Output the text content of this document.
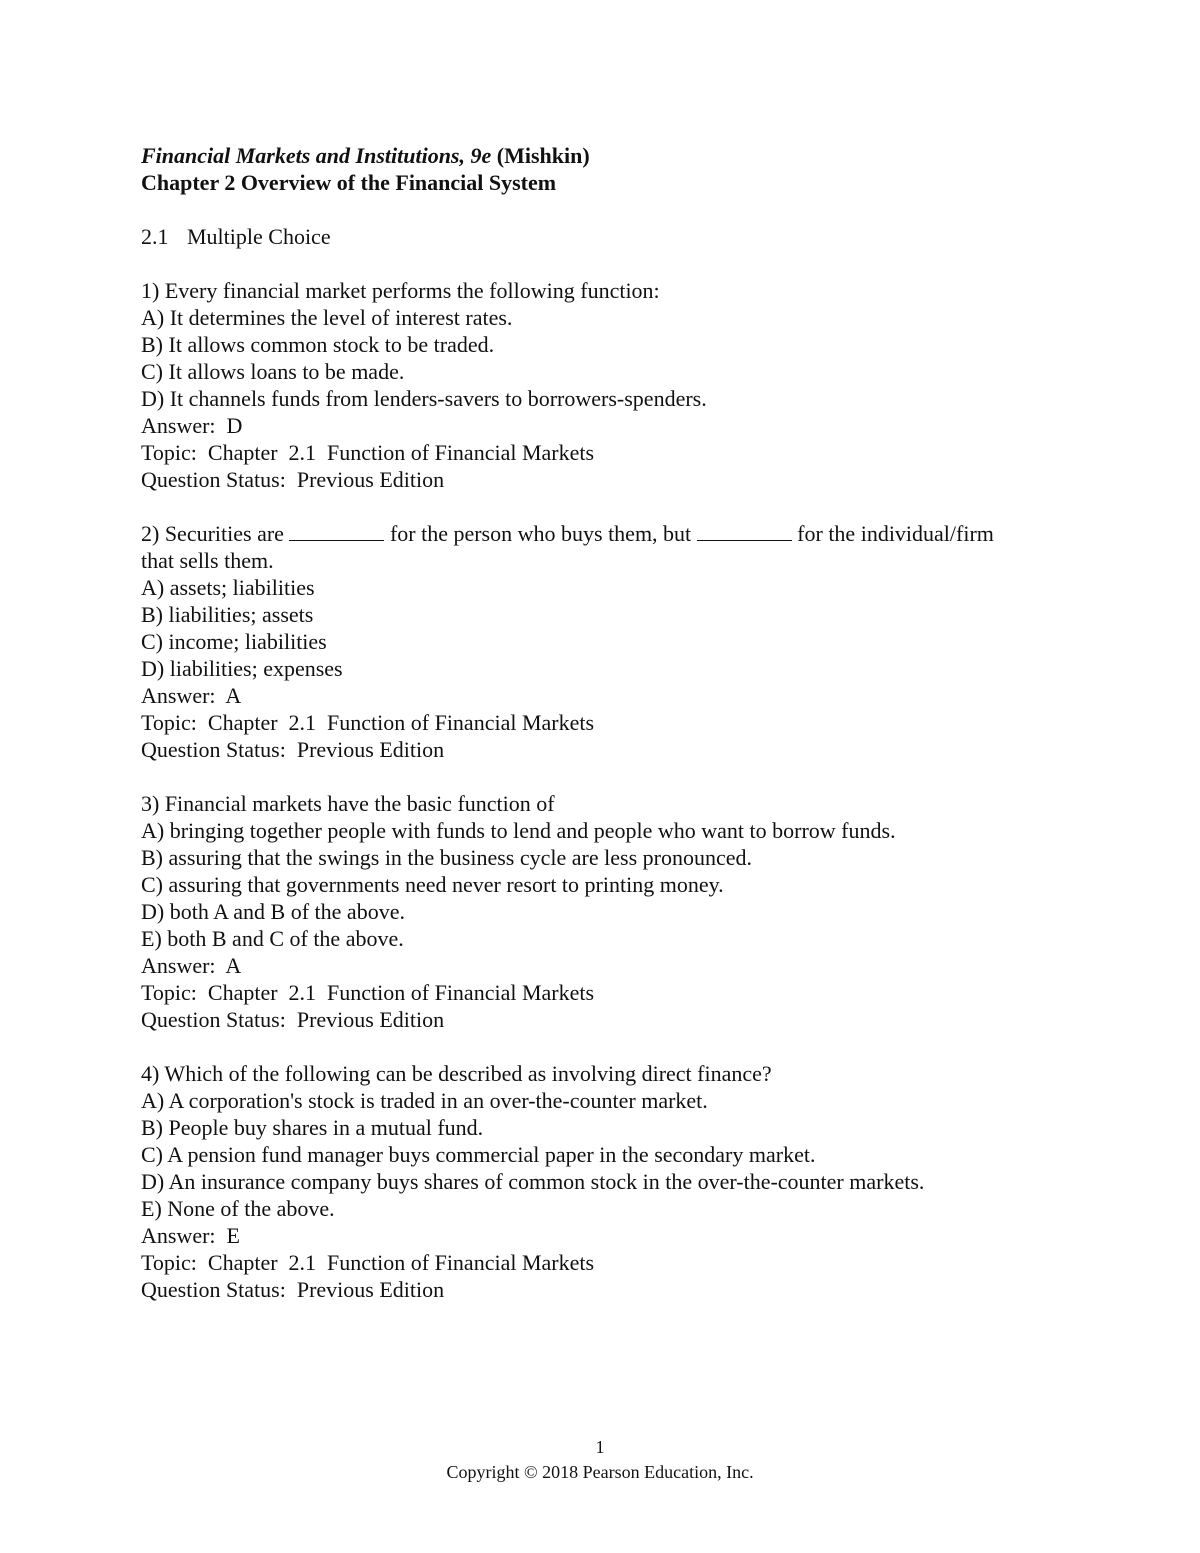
Financial Markets and Institutions, 9e (Mishkin)
Chapter 2 Overview of the Financial System
2.1 Multiple Choice
1) Every financial market performs the following function:
A) It determines the level of interest rates.
B) It allows common stock to be traded.
C) It allows loans to be made.
D) It channels funds from lenders-savers to borrowers-spenders.
Answer:  D
Topic:  Chapter  2.1  Function of Financial Markets
Question Status:  Previous Edition
2) Securities are	for the person who buys them, but	for the individual/firm
that sells them.
A) assets; liabilities
B) liabilities; assets
C) income; liabilities
D) liabilities; expenses
Answer:  A
Topic:  Chapter  2.1  Function of Financial Markets
Question Status:  Previous Edition
3) Financial markets have the basic function of
A) bringing together people with funds to lend and people who want to borrow funds.
B) assuring that the swings in the business cycle are less pronounced.
C) assuring that governments need never resort to printing money.
D) both A and B of the above.
E) both B and C of the above.
Answer:  A
Topic:  Chapter  2.1  Function of Financial Markets
Question Status:  Previous Edition
4) Which of the following can be described as involving direct finance?
A) A corporation's stock is traded in an over-the-counter market.
B) People buy shares in a mutual fund.
C) A pension fund manager buys commercial paper in the secondary market.
D) An insurance company buys shares of common stock in the over-the-counter markets.
E) None of the above.
Answer:  E
Topic:  Chapter  2.1  Function of Financial Markets
Question Status:  Previous Edition
1
Copyright © 2018 Pearson Education, Inc.
